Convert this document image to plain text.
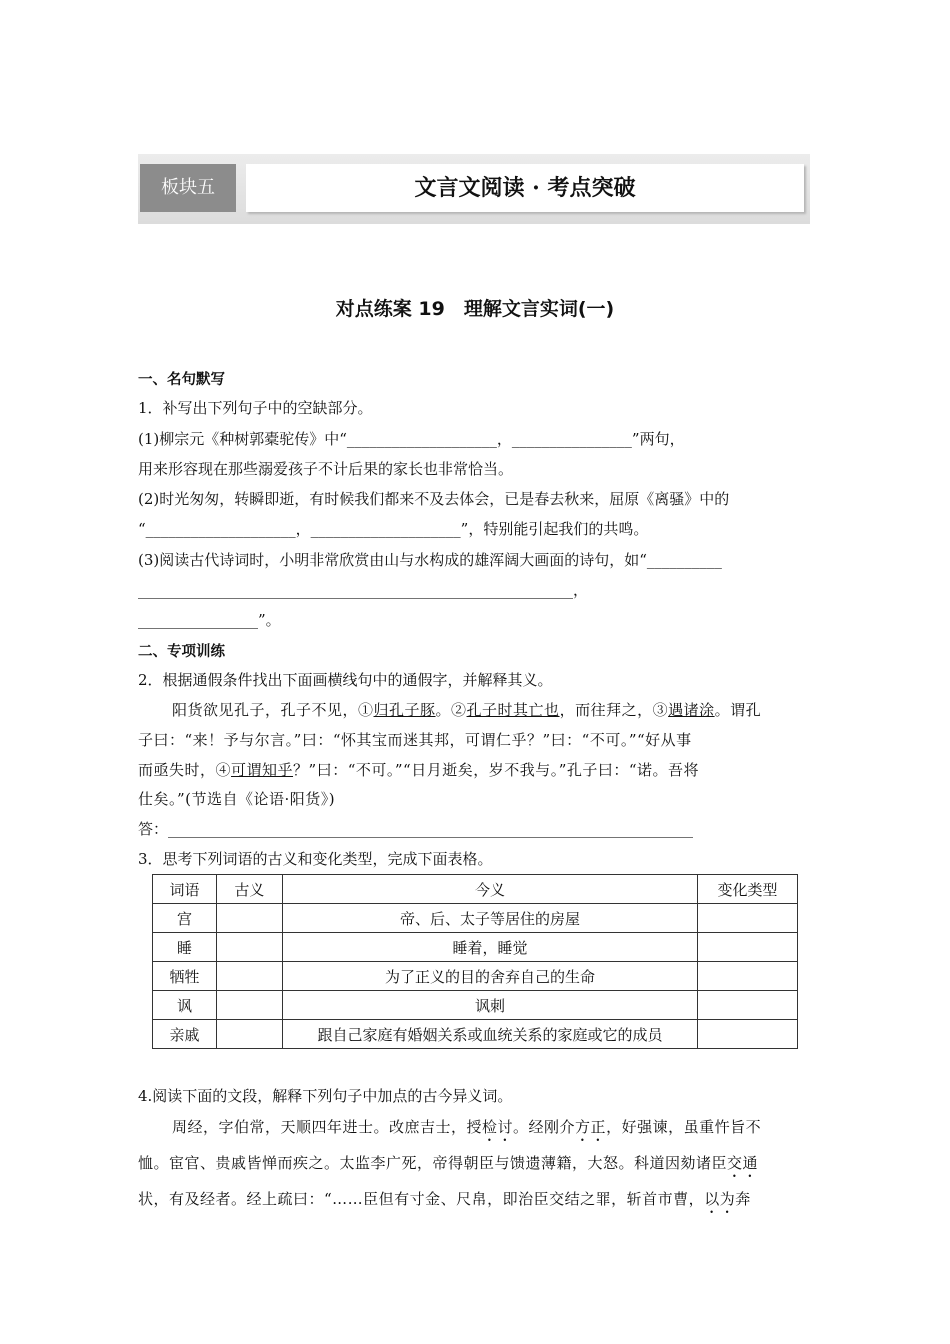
板块五	文言文阅读 · 考点突破
对点练案 19　理解文言实词(一)
一、名句默写
1．补写出下列句子中的空缺部分。
(1)柳宗元《种树郭橐驼传》中“____________________，________________”两句，
用来形容现在那些溺爱孩子不计后果的家长也非常恰当。
(2)时光匆匆，转瞬即逝，有时候我们都来不及去体会，已是春去秋来，屈原《离骚》中的
“____________________，____________________”，特别能引起我们的共鸣。
(3)阅读古代诗词时，小明非常欣赏由山与水构成的雄浑阔大画面的诗句，如“__________
__________________________________________________________，
________________”。
二、专项训练
2．根据通假条件找出下面画横线句中的通假字，并解释其义。
阳货欲见孔子，孔子不见，①归孔子豚。②孔子时其亡也，而往拜之，③遇诸涂。谓孔
子曰：“来！予与尔言。”曰：“怀其宝而迷其邦，可谓仁乎？”曰：“不可。”“好从事
而亟失时，④可谓知乎？”曰：“不可。”“日月逝矣，岁不我与。”孔子曰：“诺。吾将
仕矣。”(节选自《论语·阳货》)
答：______________________________________________________________________
3．思考下列词语的古义和变化类型，完成下面表格。
词语	古义	今义	变化类型
宫		帝、后、太子等居住的房屋	
睡		睡着，睡觉	
牺牲		为了正义的目的舍弃自己的生命	
讽		讽刺	
亲戚		跟自己家庭有婚姻关系或血统关系的家庭或它的成员	
4.阅读下面的文段，解释下列句子中加点的古今异义词。
周经，字伯常，天顺四年进士。改庶吉士，授检讨。经刚介方正，好强谏，虽重忤旨不
恤。宦官、贵戚皆惮而疾之。太监李广死，帝得朝臣与馈遗薄籍，大怒。科道因劾诸臣交通
状，有及经者。经上疏曰：“……臣但有寸金、尺帛，即治臣交结之罪，斩首市曹，以为奔
